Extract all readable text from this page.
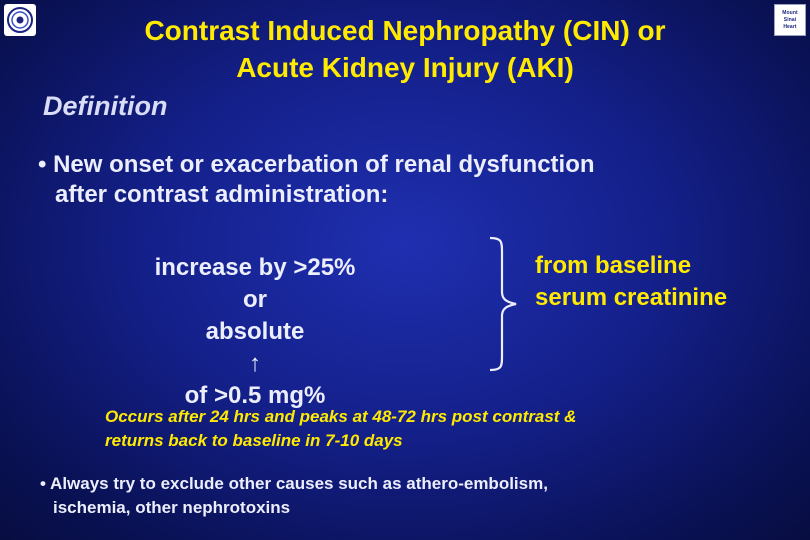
Mount
Sinai
Heart
Contrast Induced Nephropathy (CIN) or
Acute Kidney Injury (AKI)
Definition
• New onset or exacerbation of renal dysfunction
after contrast administration:
increase by >25%
or
absolute
↑
of >0.5 mg%
from baseline
serum creatinine
Occurs after 24 hrs and peaks at 48-72 hrs post contrast &
returns back to baseline in 7-10 days
• Always try to exclude other causes such as athero-embolism,
ischemia, other nephrotoxins
